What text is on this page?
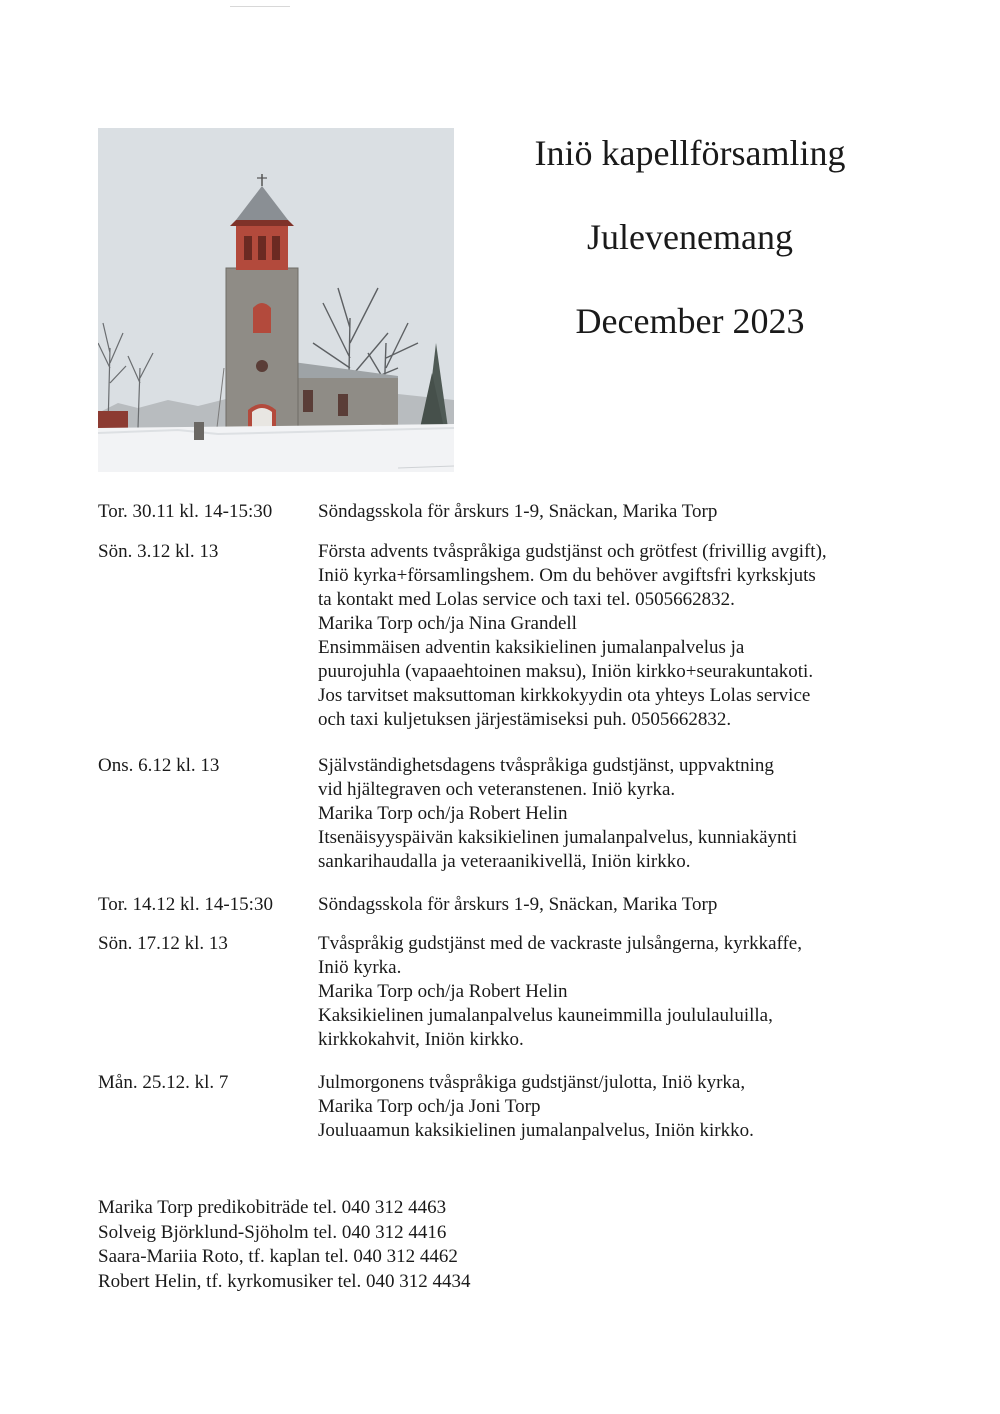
Iniö kapellförsamling
Julevenemang
December 2023
Tor. 30.11 kl. 14-15:30 Söndagsskola för årskurs 1-9, Snäckan, Marika Torp
Sön. 3.12 kl. 13	Första advents tvåspråkiga gudstjänst och grötfest (frivillig avgift),
Iniö kyrka+församlingshem. Om du behöver avgiftsfri kyrkskjuts
ta kontakt med Lolas service och taxi tel. 0505662832.
Marika Torp och/ja Nina Grandell
Ensimmäisen adventin kaksikielinen jumalanpalvelus ja
puurojuhla (vapaaehtoinen maksu), Iniön kirkko+seurakuntakoti.
Jos tarvitset maksuttoman kirkkokyydin ota yhteys Lolas service
och taxi kuljetuksen järjestämiseksi puh. 0505662832.
Ons. 6.12 kl. 13	Självständighetsdagens tvåspråkiga gudstjänst, uppvaktning
vid hjältegraven och veteranstenen. Iniö kyrka.
Marika Torp och/ja Robert Helin
Itsenäisyyspäivän kaksikielinen jumalanpalvelus, kunniakäynti
sankarihaudalla ja veteraanikivellä, Iniön kirkko.
Tor. 14.12 kl. 14-15:30 Söndagsskola för årskurs 1-9, Snäckan, Marika Torp
Sön. 17.12 kl. 13	Tvåspråkig gudstjänst med de vackraste julsångerna, kyrkkaffe,
Iniö kyrka.
Marika Torp och/ja Robert Helin
Kaksikielinen jumalanpalvelus kauneimmilla joululauluilla,
kirkkokahvit, Iniön kirkko.
Mån. 25.12. kl. 7	Julmorgonens tvåspråkiga gudstjänst/julotta, Iniö kyrka,
Marika Torp och/ja Joni Torp
Jouluaamun kaksikielinen jumalanpalvelus, Iniön kirkko.
Marika Torp predikobiträde tel. 040 312 4463
Solveig Björklund-Sjöholm tel. 040 312 4416
Saara-Mariia Roto, tf. kaplan tel. 040 312 4462
Robert Helin, tf. kyrkomusiker tel. 040 312 4434
